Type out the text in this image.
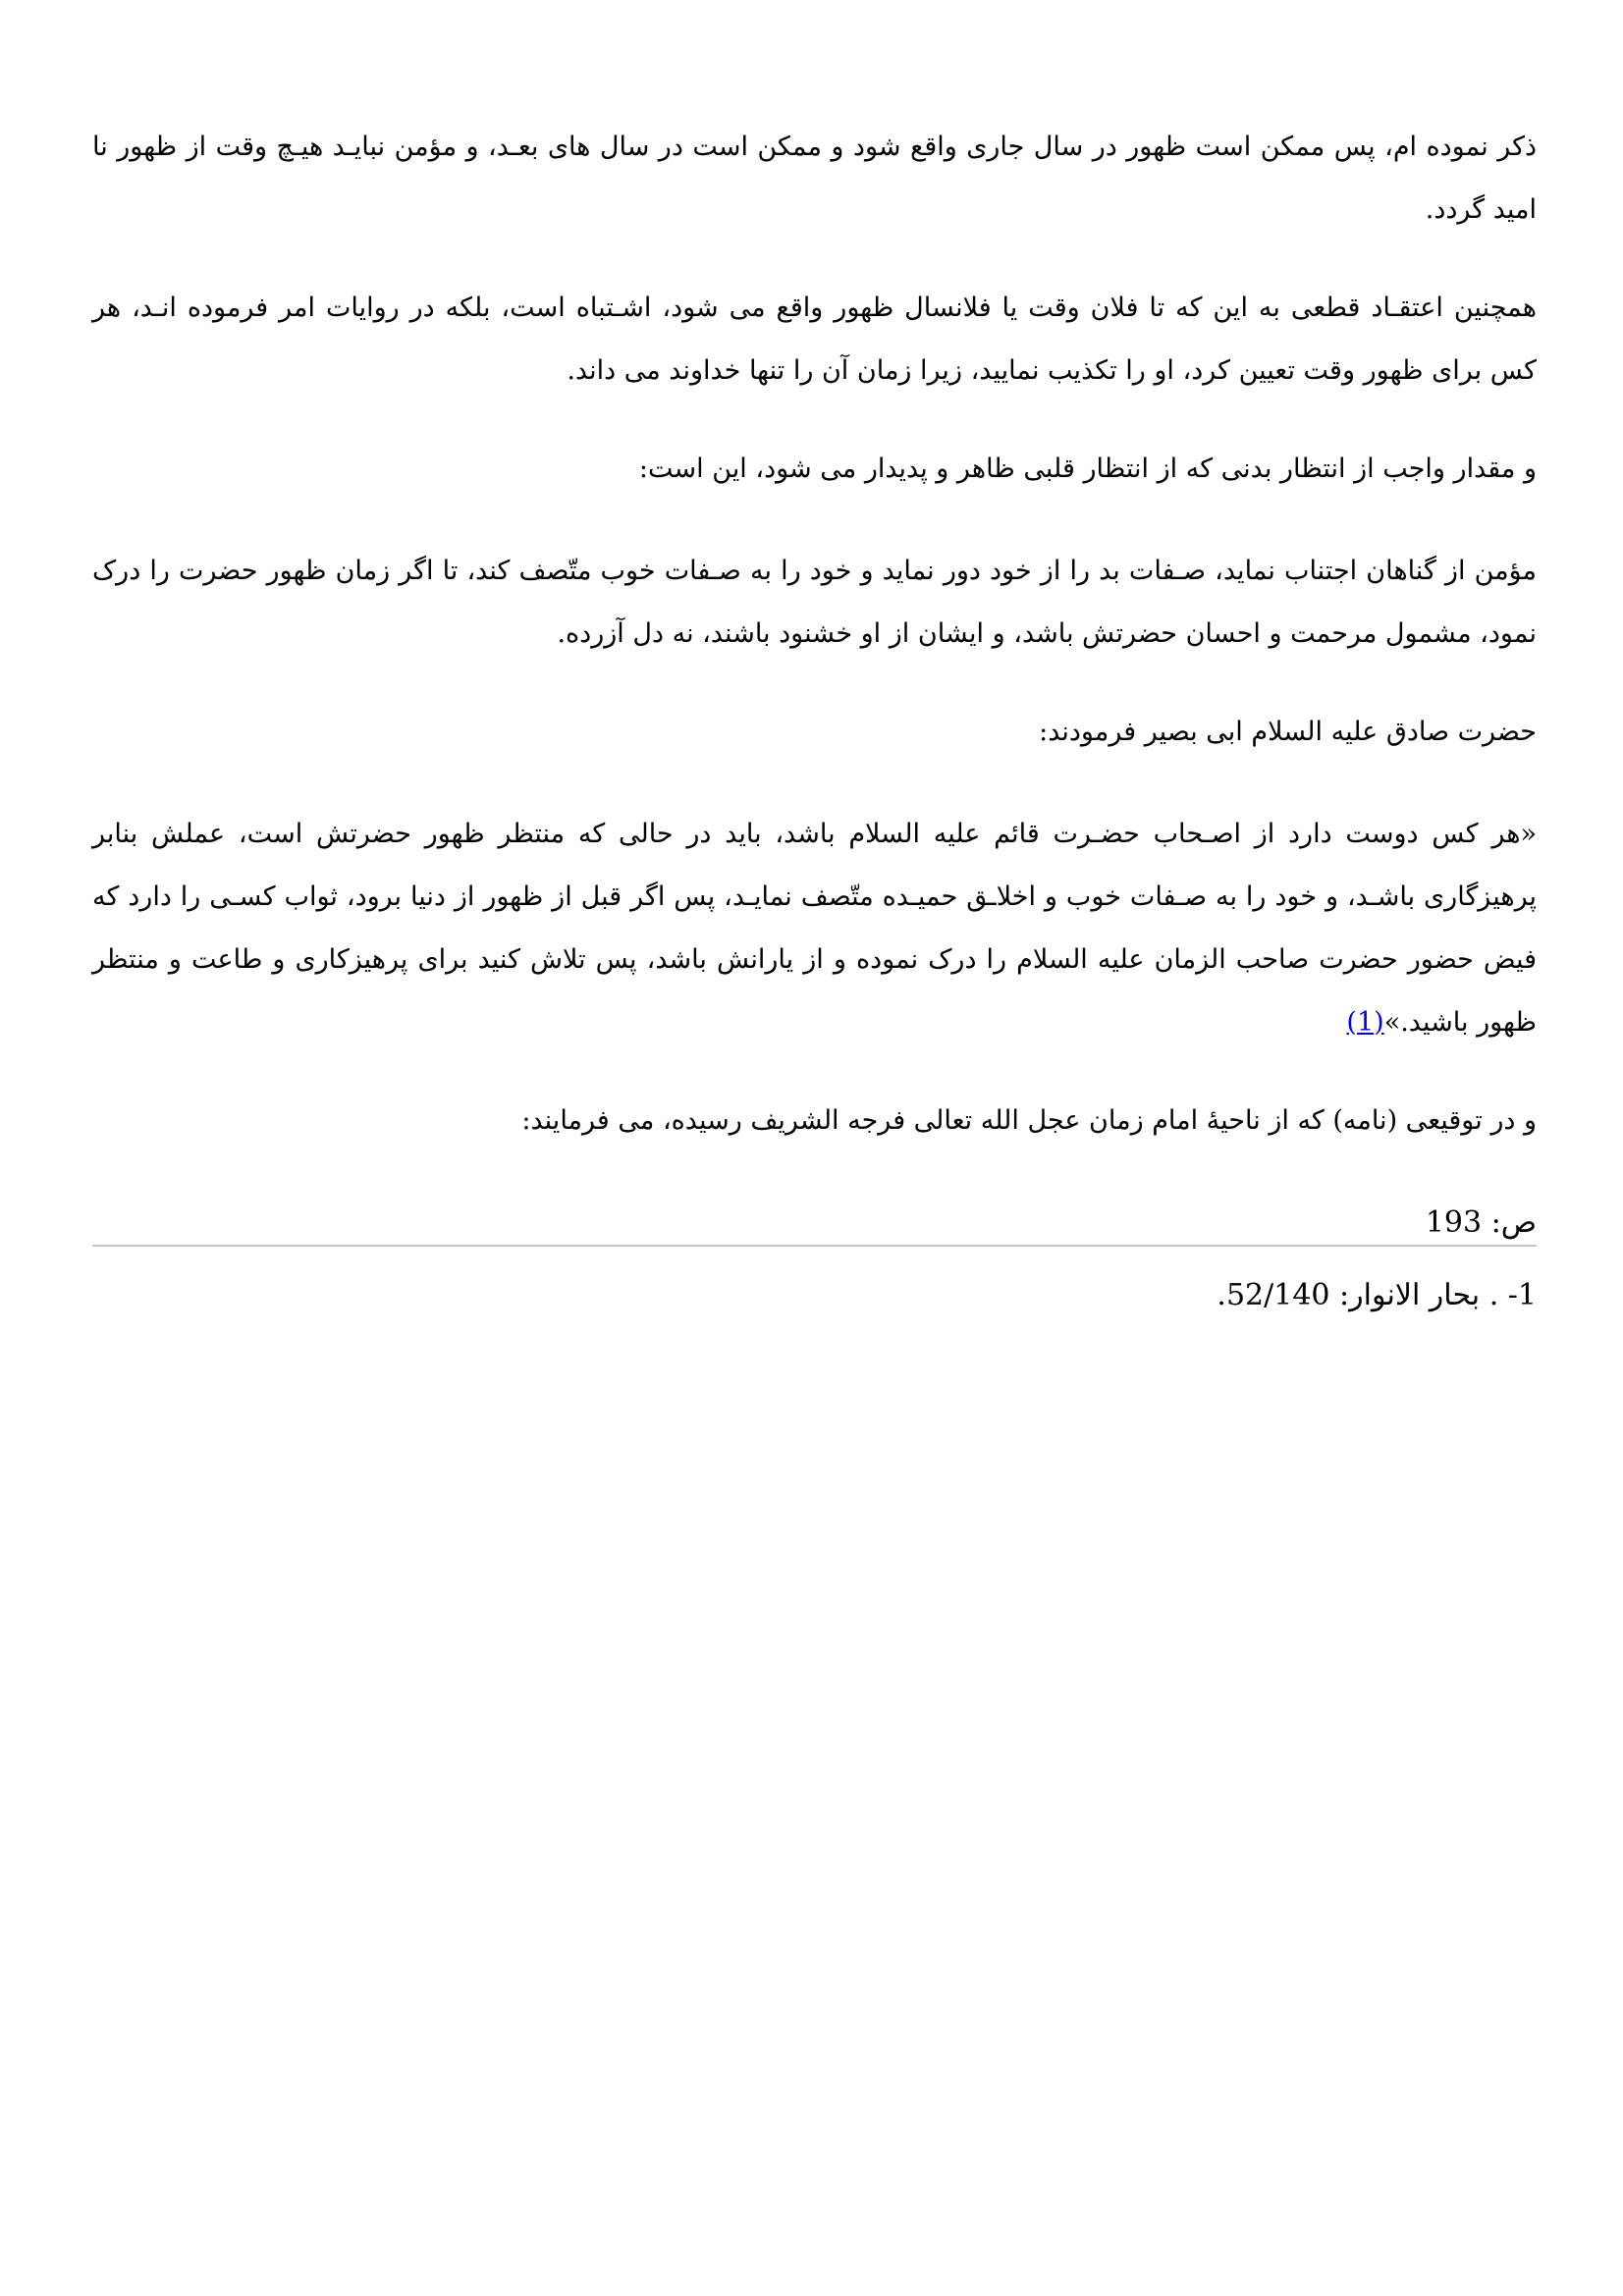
ذکر نموده ام، پس ممکن است ظهور در سال جاری واقع شود و ممکن است در سال های بعـد، و مؤمن نبایـد هیـچ وقت از ظهور نا امید گردد.

همچنین اعتقـاد قطعی به این که تا فلان وقت یا فلانسال ظهور واقع می شود، اشـتباه است، بلکه در روایات امر فرموده انـد، هر کس برای ظهور وقت تعیین کرد، او را تکذیب نمایید، زیرا زمان آن را تنها خداوند می داند.

و مقدار واجب از انتظار بدنی که از انتظار قلبی ظاهر و پدیدار می شود، این است:

مؤمن از گناهان اجتناب نماید، صـفات بد را از خود دور نماید و خود را به صـفات خوب متّصف کند، تا اگر زمان ظهور حضرت را درک نمود، مشمول مرحمت و احسان حضرتش باشد، و ایشان از او خشنود باشند، نه دل آزرده.

حضرت صادق علیه السلام ابی بصیر فرمودند:

«هر کس دوست دارد از اصـحاب حضـرت قائم علیه السلام باشد، باید در حالی که منتظر ظهور حضرتش است، عملش بنابر پرهیزگاری باشـد، و خود را به صـفات خوب و اخلاـق حمیـده متّصف نمایـد، پس اگر قبل از ظهور از دنیا برود، ثواب کسـی را دارد که فیض حضور حضرت صاحب الزمان علیه السلام را درک نموده و از یارانش باشد، پس تلاش کنید برای پرهیزکاری و طاعت و منتظر ظهور باشید.»(1)

و در توقیعی (نامه) که از ناحیهٔ امام زمان عجل الله تعالی فرجه الشریف رسیده، می فرمایند:

ص: 193

1- . بحار الانوار: 52/140.
